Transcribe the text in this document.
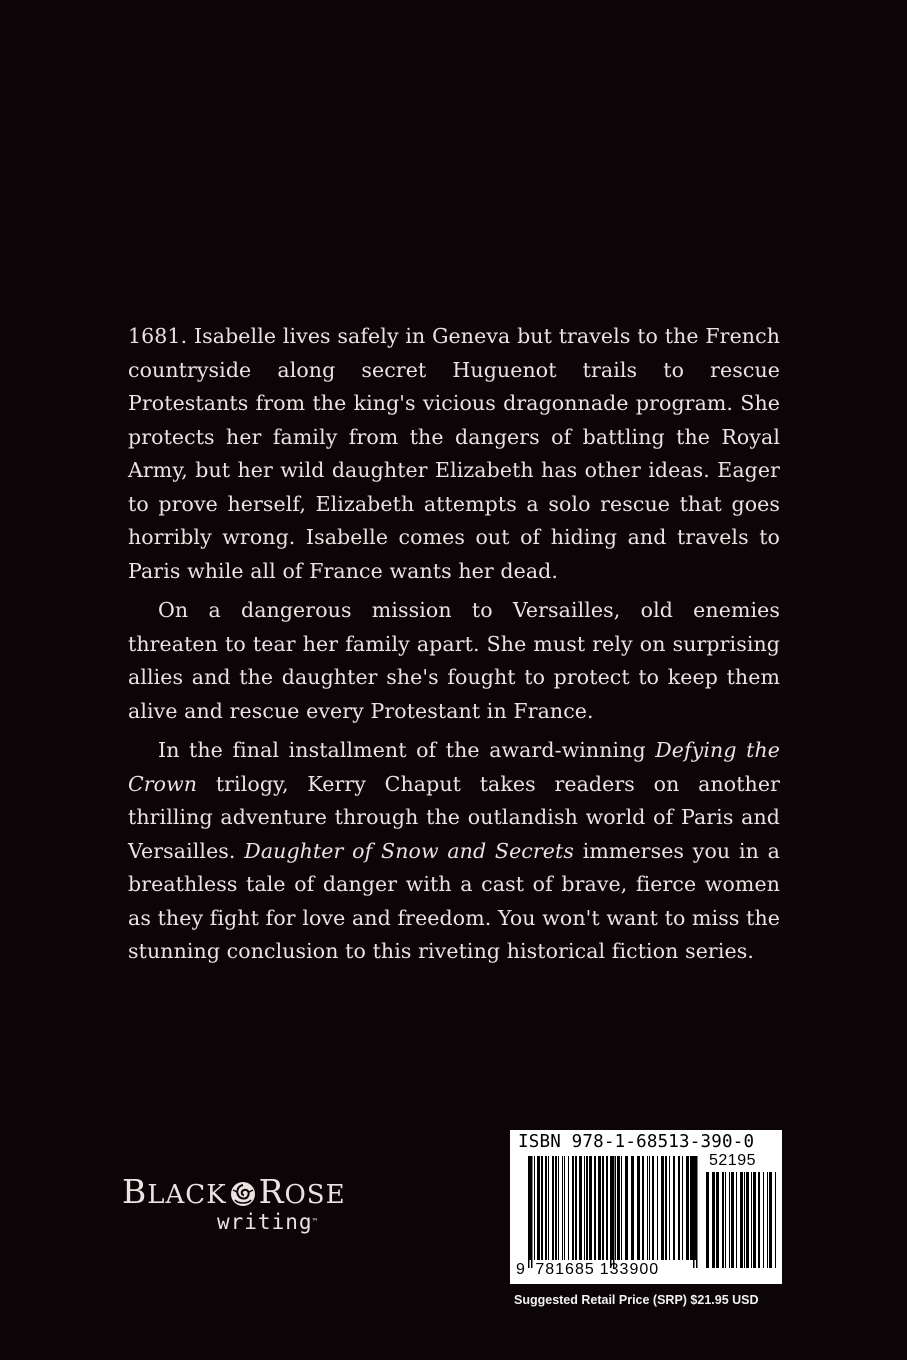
1681. Isabelle lives safely in Geneva but travels to the French countryside along secret Huguenot trails to rescue Protestants from the king's vicious dragonnade program. She protects her family from the dangers of battling the Royal Army, but her wild daughter Elizabeth has other ideas. Eager to prove herself, Elizabeth attempts a solo rescue that goes horribly wrong. Isabelle comes out of hiding and travels to Paris while all of France wants her dead.

On a dangerous mission to Versailles, old enemies threaten to tear her family apart. She must rely on surprising allies and the daughter she's fought to protect to keep them alive and rescue every Protestant in France.

In the final installment of the award-winning Defying the Crown trilogy, Kerry Chaput takes readers on another thrilling adventure through the outlandish world of Paris and Versailles. Daughter of Snow and Secrets immerses you in a breathless tale of danger with a cast of brave, fierce women as they fight for love and freedom. You won't want to miss the stunning conclusion to this riveting historical fiction series.

BLACK ROSE
writing™
ISBN 978-1-68513-390-0
52195
9 781685 133900
Suggested Retail Price (SRP) $21.95 USD
